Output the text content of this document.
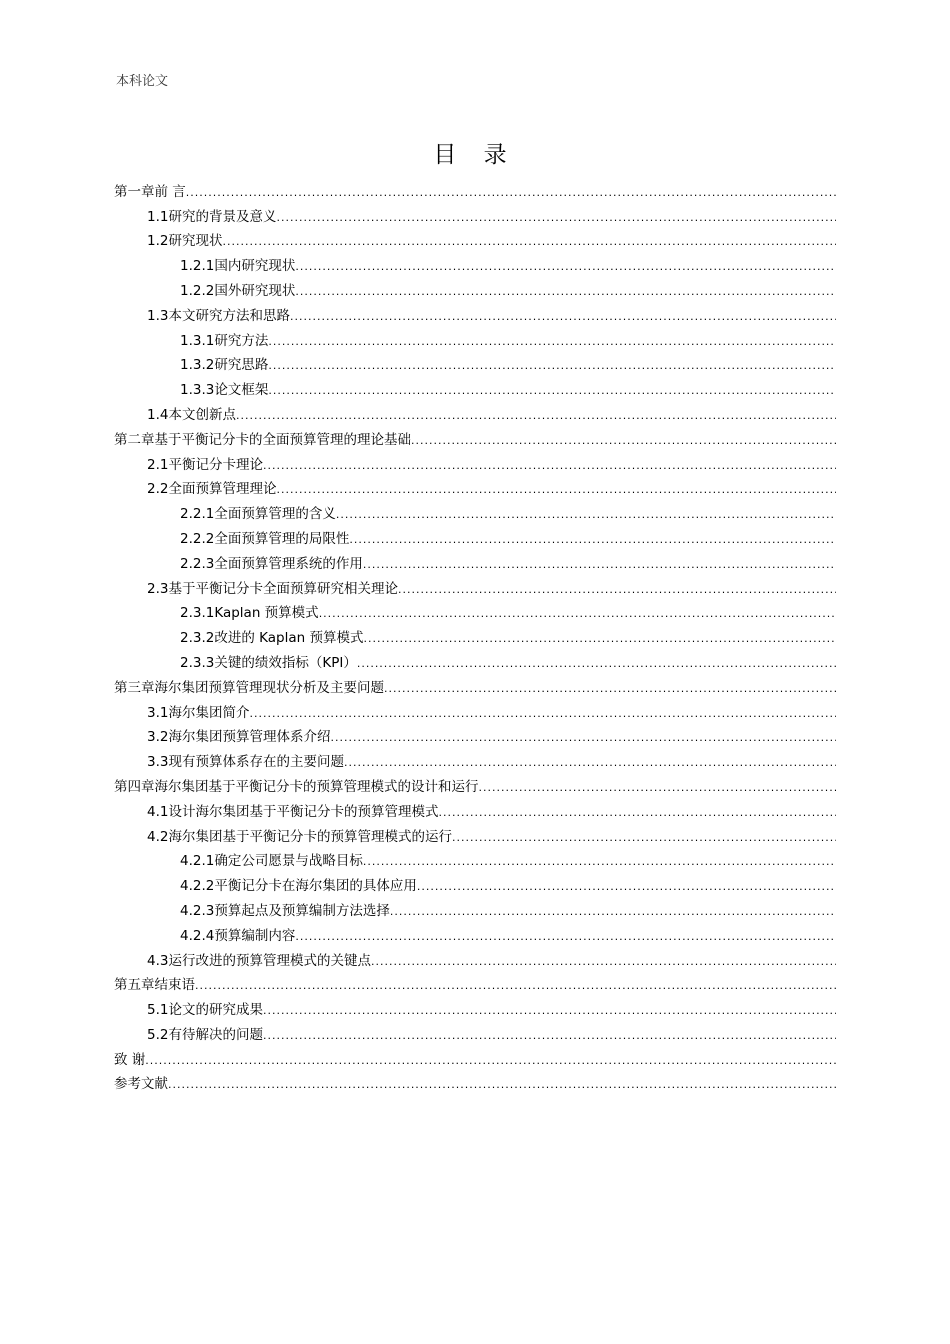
本科论文
目 录
第一章前 言
.....
1.1研究的背景及意义
.....
1.2研究现状
.....
1.2.1国内研究现状
.....
1.2.2国外研究现状
.....
1.3本文研究方法和思路
.....
1.3.1研究方法
.....
1.3.2研究思路
.....
1.3.3论文框架
.....
1.4本文创新点
.....
第二章基于平衡记分卡的全面预算管理的理论基础
.....
2.1平衡记分卡理论
.....
2.2全面预算管理理论
.....
2.2.1全面预算管理的含义
.....
2.2.2全面预算管理的局限性
.....
2.2.3全面预算管理系统的作用
.....
2.3基于平衡记分卡全面预算研究相关理论
.....
2.3.1Kaplan 预算模式
.....
2.3.2改进的 Kaplan 预算模式
.....
2.3.3关键的绩效指标（KPI）
.....
第三章海尔集团预算管理现状分析及主要问题
.....
3.1海尔集团简介
.....
3.2海尔集团预算管理体系介绍
.....
3.3现有预算体系存在的主要问题
.....
第四章海尔集团基于平衡记分卡的预算管理模式的设计和运行
.....
4.1设计海尔集团基于平衡记分卡的预算管理模式
.....
4.2海尔集团基于平衡记分卡的预算管理模式的运行
.....
4.2.1确定公司愿景与战略目标
.....
4.2.2平衡记分卡在海尔集团的具体应用
.....
4.2.3预算起点及预算编制方法选择
.....
4.2.4预算编制内容
.....
4.3运行改进的预算管理模式的关键点
.....
第五章结束语
.....
5.1论文的研究成果
.....
5.2有待解决的问题
.....
致 谢
.....
参考文献
.....
